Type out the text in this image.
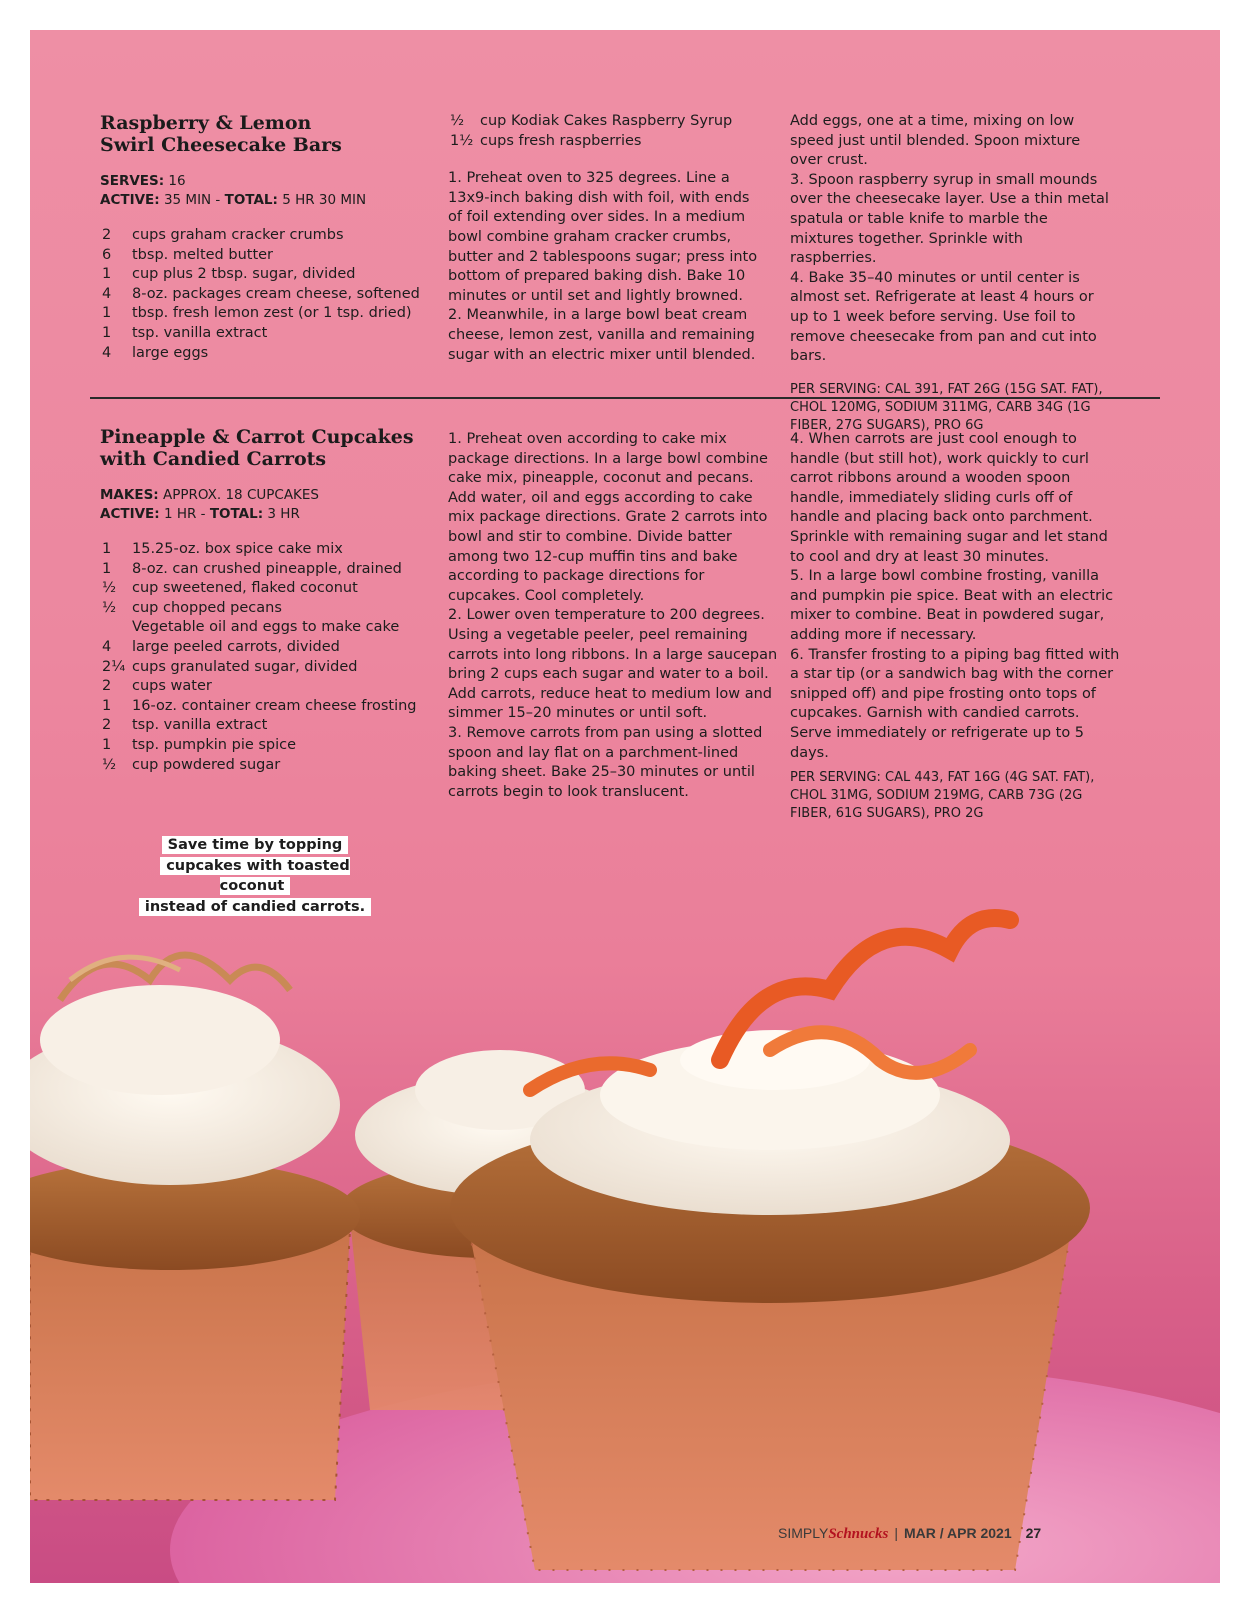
Raspberry & Lemon
Swirl Cheesecake Bars

SERVES: 16

ACTIVE: 35 MIN - TOTAL: 5 HR 30 MIN

2	cups graham cracker crumbs
6	tbsp. melted butter
1	cup plus 2 tbsp. sugar, divided
4	8-oz. packages cream cheese, softened
1	tbsp. fresh lemon zest (or 1 tsp. dried)
1	tsp. vanilla extract
4	large eggs
½	cup Kodiak Cakes Raspberry Syrup
1½ cups fresh raspberries

1. Preheat oven to 325 degrees. Line a 13x9-inch baking dish with foil, with ends of foil extending over sides. In a medium bowl combine graham cracker crumbs, butter and 2 tablespoons sugar; press into bottom of prepared baking dish. Bake 10 minutes or until set and lightly browned.

2. Meanwhile, in a large bowl beat cream cheese, lemon zest, vanilla and remaining sugar with an electric mixer until blended.

Add eggs, one at a time, mixing on low speed just until blended. Spoon mixture over crust.

3. Spoon raspberry syrup in small mounds over the cheesecake layer. Use a thin metal spatula or table knife to marble the mixtures together. Sprinkle with raspberries.

4. Bake 35–40 minutes or until center is almost set. Refrigerate at least 4 hours or up to 1 week before serving. Use foil to remove cheesecake from pan and cut into bars.

PER SERVING: CAL 391, FAT 26G (15G SAT. FAT), CHOL 120MG, SODIUM 311MG, CARB 34G (1G FIBER, 27G SUGARS), PRO 6G

Pineapple & Carrot Cupcakes
with Candied Carrots

MAKES: APPROX. 18 CUPCAKES

ACTIVE: 1 HR - TOTAL: 3 HR

1	15.25-oz. box spice cake mix
1	8-oz. can crushed pineapple, drained
½	cup sweetened, flaked coconut
½	cup chopped pecans
Vegetable oil and eggs to make cake
4	large peeled carrots, divided
2¼ cups granulated sugar, divided
2	cups water
1	16-oz. container cream cheese frosting
2	tsp. vanilla extract
1	tsp. pumpkin pie spice
½	cup powdered sugar

1. Preheat oven according to cake mix package directions. In a large bowl combine cake mix, pineapple, coconut and pecans. Add water, oil and eggs according to cake mix package directions. Grate 2 carrots into bowl and stir to combine. Divide batter among two 12-cup muffin tins and bake according to package directions for cupcakes. Cool completely.

2. Lower oven temperature to 200 degrees. Using a vegetable peeler, peel remaining carrots into long ribbons. In a large saucepan bring 2 cups each sugar and water to a boil. Add carrots, reduce heat to medium low and simmer 15–20 minutes or until soft.

3. Remove carrots from pan using a slotted spoon and lay flat on a parchment-lined baking sheet. Bake 25–30 minutes or until carrots begin to look translucent.

4. When carrots are just cool enough to handle (but still hot), work quickly to curl carrot ribbons around a wooden spoon handle, immediately sliding curls off of handle and placing back onto parchment. Sprinkle with remaining sugar and let stand to cool and dry at least 30 minutes.

5. In a large bowl combine frosting, vanilla and pumpkin pie spice. Beat with an electric mixer to combine. Beat in powdered sugar, adding more if necessary.

6. Transfer frosting to a piping bag fitted with a star tip (or a sandwich bag with the corner snipped off) and pipe frosting onto tops of cupcakes. Garnish with candied carrots. Serve immediately or refrigerate up to 5 days.

PER SERVING: CAL 443, FAT 16G (4G SAT. FAT), CHOL 31MG, SODIUM 219MG, CARB 73G (2G FIBER, 61G SUGARS), PRO 2G

Save time by topping
cupcakes with toasted coconut
instead of candied carrots.
SIMPLYSchnucks | MAR / APR 2021 27
